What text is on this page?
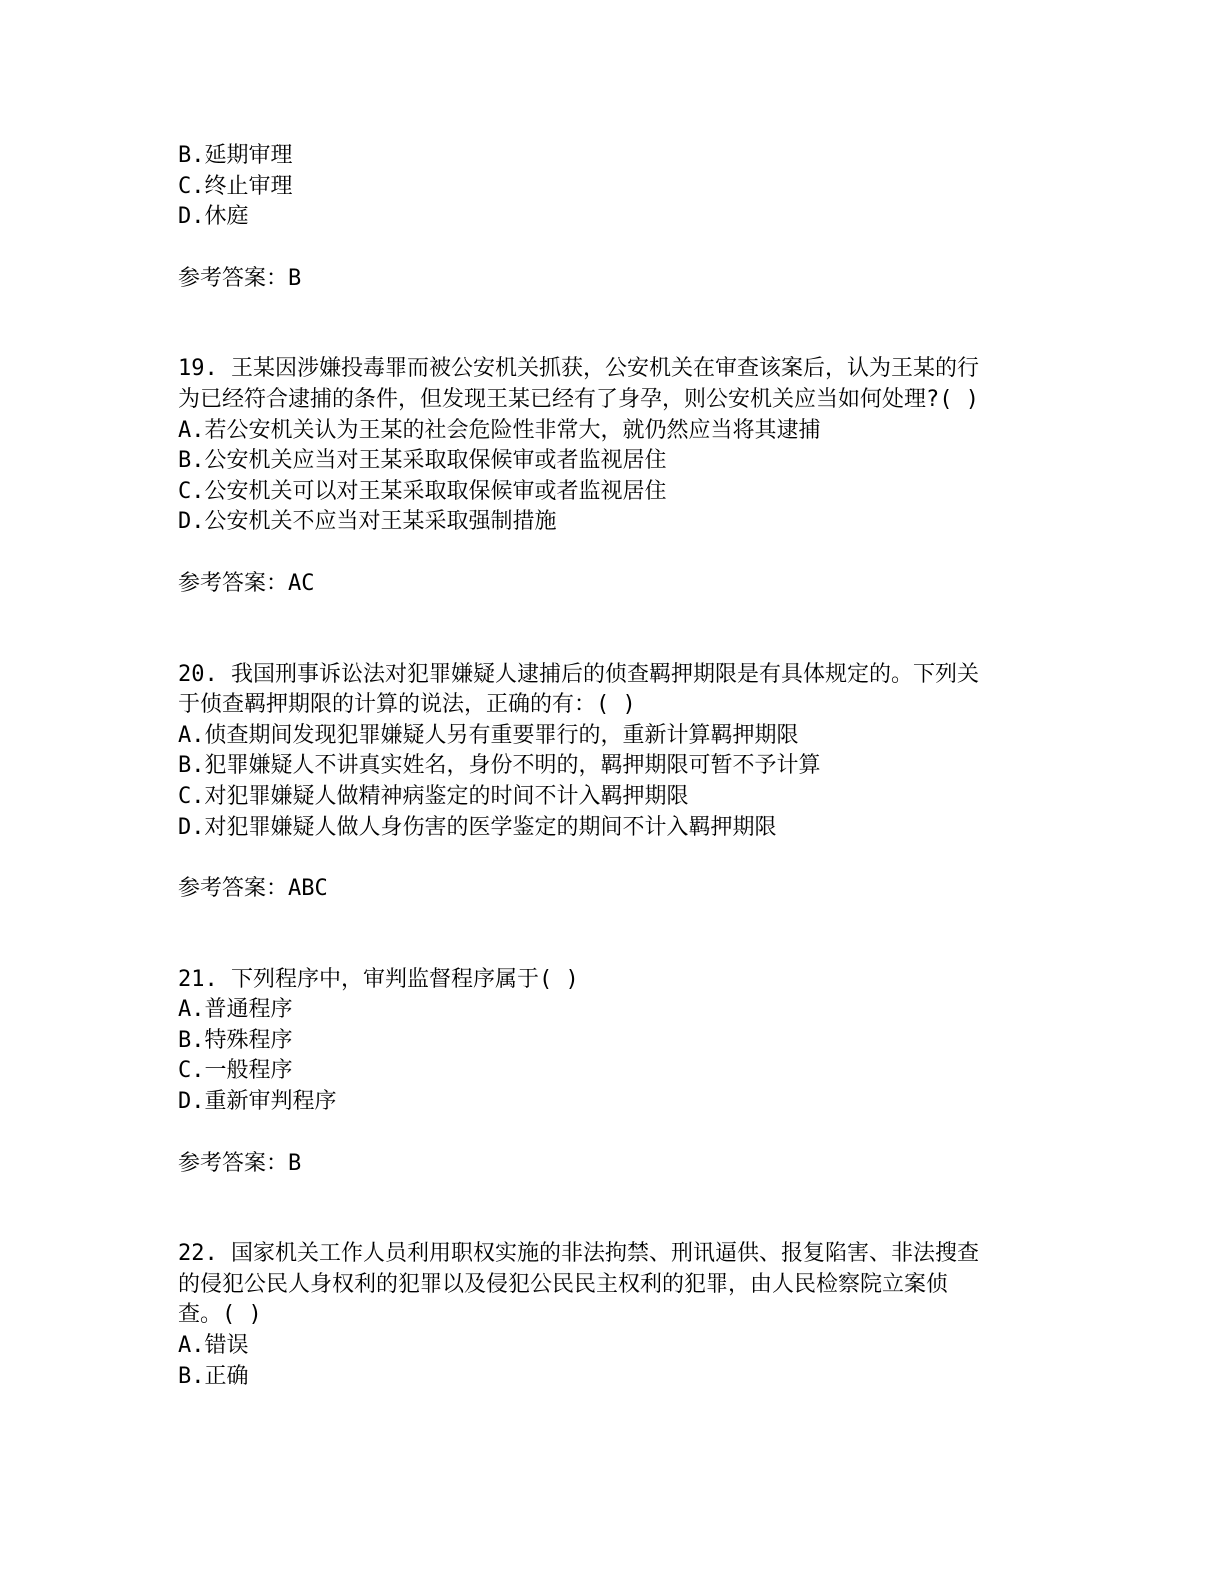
B.延期审理
C.终止审理
D.休庭
参考答案：B
19. 王某因涉嫌投毒罪而被公安机关抓获，公安机关在审查该案后，认为王某的行
为已经符合逮捕的条件，但发现王某已经有了身孕，则公安机关应当如何处理?( )
A.若公安机关认为王某的社会危险性非常大，就仍然应当将其逮捕
B.公安机关应当对王某采取取保候审或者监视居住
C.公安机关可以对王某采取取保候审或者监视居住
D.公安机关不应当对王某采取强制措施
参考答案：AC
20. 我国刑事诉讼法对犯罪嫌疑人逮捕后的侦查羁押期限是有具体规定的。下列关
于侦查羁押期限的计算的说法，正确的有：( )
A.侦查期间发现犯罪嫌疑人另有重要罪行的，重新计算羁押期限
B.犯罪嫌疑人不讲真实姓名，身份不明的，羁押期限可暂不予计算
C.对犯罪嫌疑人做精神病鉴定的时间不计入羁押期限
D.对犯罪嫌疑人做人身伤害的医学鉴定的期间不计入羁押期限
参考答案：ABC
21. 下列程序中，审判监督程序属于( )
A.普通程序
B.特殊程序
C.一般程序
D.重新审判程序
参考答案：B
22. 国家机关工作人员利用职权实施的非法拘禁、刑讯逼供、报复陷害、非法搜查
的侵犯公民人身权利的犯罪以及侵犯公民民主权利的犯罪，由人民检察院立案侦
查。( )
A.错误
B.正确
